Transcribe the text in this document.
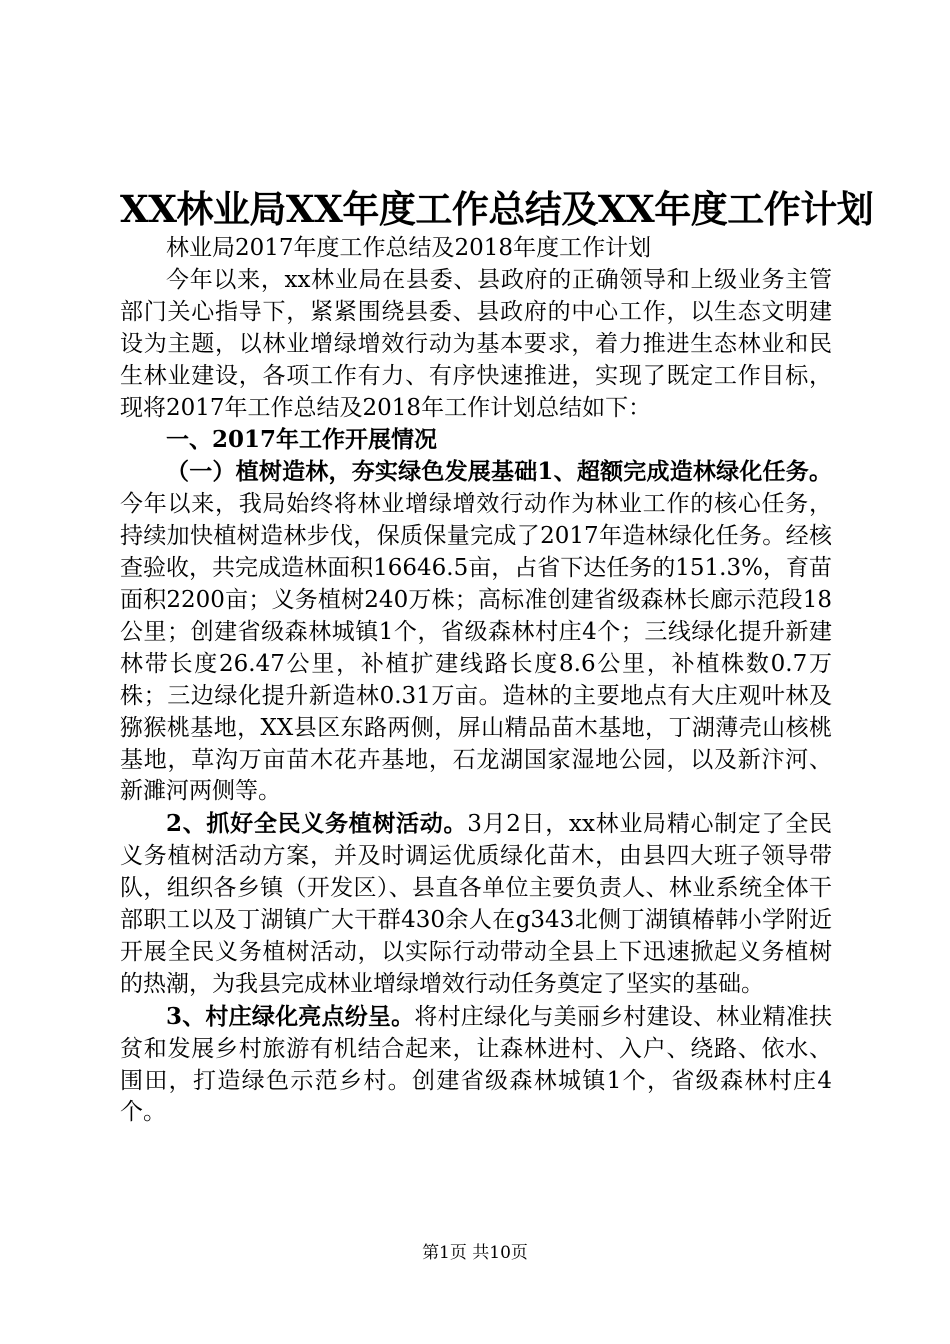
XX林业局XX年度工作总结及XX年度工作计划

林业局2017年度工作总结及2018年度工作计划

今年以来，xx林业局在县委、县政府的正确领导和上级业务主管部门关心指导下，紧紧围绕县委、县政府的中心工作，以生态文明建设为主题，以林业增绿增效行动为基本要求，着力推进生态林业和民生林业建设，各项工作有力、有序快速推进，实现了既定工作目标，现将2017年工作总结及2018年工作计划总结如下：

一、2017年工作开展情况

（一）植树造林，夯实绿色发展基础1、超额完成造林绿化任务。今年以来，我局始终将林业增绿增效行动作为林业工作的核心任务，持续加快植树造林步伐，保质保量完成了2017年造林绿化任务。经核查验收，共完成造林面积16646.5亩，占省下达任务的151.3%，育苗面积2200亩；义务植树240万株；高标准创建省级森林长廊示范段18公里；创建省级森林城镇1个，省级森林村庄4个；三线绿化提升新建林带长度26.47公里，补植扩建线路长度8.6公里，补植株数0.7万株；三边绿化提升新造林0.31万亩。造林的主要地点有大庄观叶林及猕猴桃基地，XX县区东路两侧，屏山精品苗木基地，丁湖薄壳山核桃基地，草沟万亩苗木花卉基地，石龙湖国家湿地公园，以及新汴河、新濉河两侧等。

2、抓好全民义务植树活动。3月2日，xx林业局精心制定了全民义务植树活动方案，并及时调运优质绿化苗木，由县四大班子领导带队，组织各乡镇（开发区）、县直各单位主要负责人、林业系统全体干部职工以及丁湖镇广大干群430余人在g343北侧丁湖镇椿韩小学附近开展全民义务植树活动，以实际行动带动全县上下迅速掀起义务植树的热潮，为我县完成林业增绿增效行动任务奠定了坚实的基础。

3、村庄绿化亮点纷呈。将村庄绿化与美丽乡村建设、林业精准扶贫和发展乡村旅游有机结合起来，让森林进村、入户、绕路、依水、围田，打造绿色示范乡村。创建省级森林城镇1个，省级森林村庄4个。

第1页 共10页
